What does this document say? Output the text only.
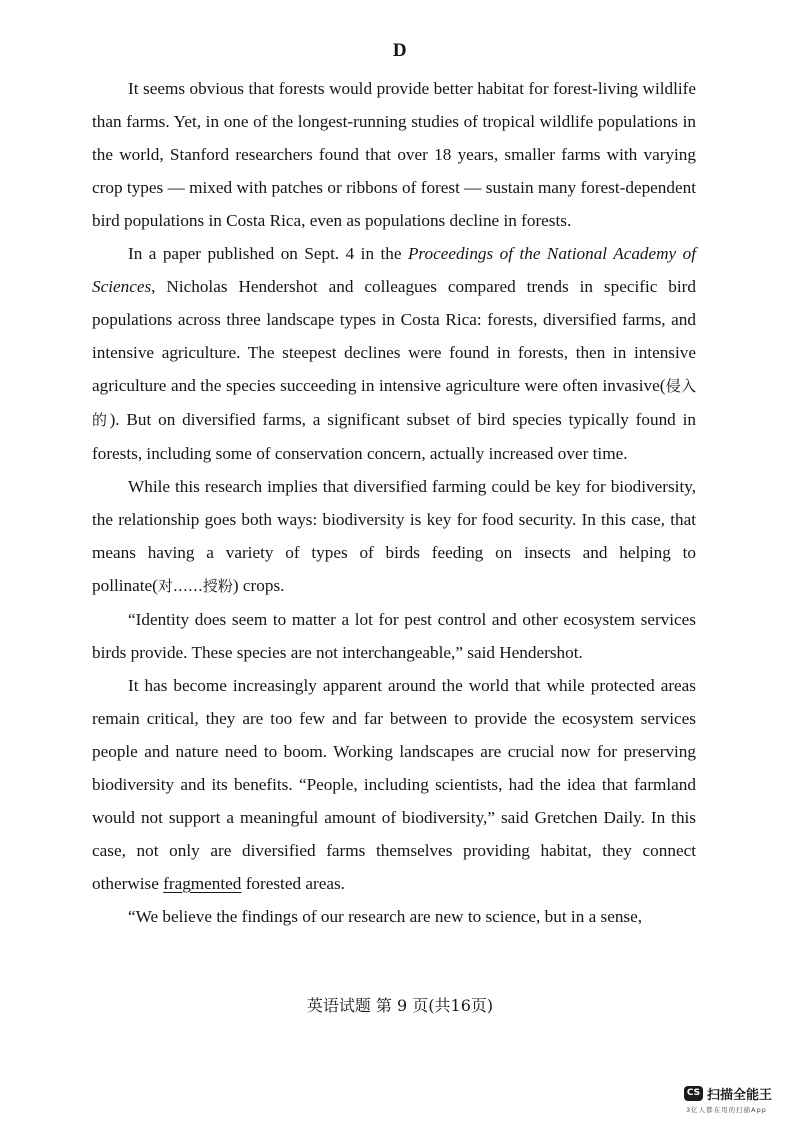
D

It seems obvious that forests would provide better habitat for forest-living wildlife than farms. Yet, in one of the longest-running studies of tropical wildlife populations in the world, Stanford researchers found that over 18 years, smaller farms with varying crop types — mixed with patches or ribbons of forest — sustain many forest-dependent bird populations in Costa Rica, even as populations decline in forests.

In a paper published on Sept. 4 in the Proceedings of the National Academy of Sciences, Nicholas Hendershot and colleagues compared trends in specific bird populations across three landscape types in Costa Rica: forests, diversified farms, and intensive agriculture. The steepest declines were found in forests, then in intensive agriculture and the species succeeding in intensive agriculture were often invasive(侵入的). But on diversified farms, a significant subset of bird species typically found in forests, including some of conservation concern, actually increased over time.

While this research implies that diversified farming could be key for biodiversity, the relationship goes both ways: biodiversity is key for food security. In this case, that means having a variety of types of birds feeding on insects and helping to pollinate(对……授粉) crops.

“Identity does seem to matter a lot for pest control and other ecosystem services birds provide. These species are not interchangeable,” said Hendershot.

It has become increasingly apparent around the world that while protected areas remain critical, they are too few and far between to provide the ecosystem services people and nature need to boom. Working landscapes are crucial now for preserving biodiversity and its benefits. “People, including scientists, had the idea that farmland would not support a meaningful amount of biodiversity,” said Gretchen Daily. In this case, not only are diversified farms themselves providing habitat, they connect otherwise fragmented forested areas.

“We believe the findings of our research are new to science, but in a sense,

英语试题 第 9 页(共16页)
CS 扫描全能王
3亿人都在用的扫描App
